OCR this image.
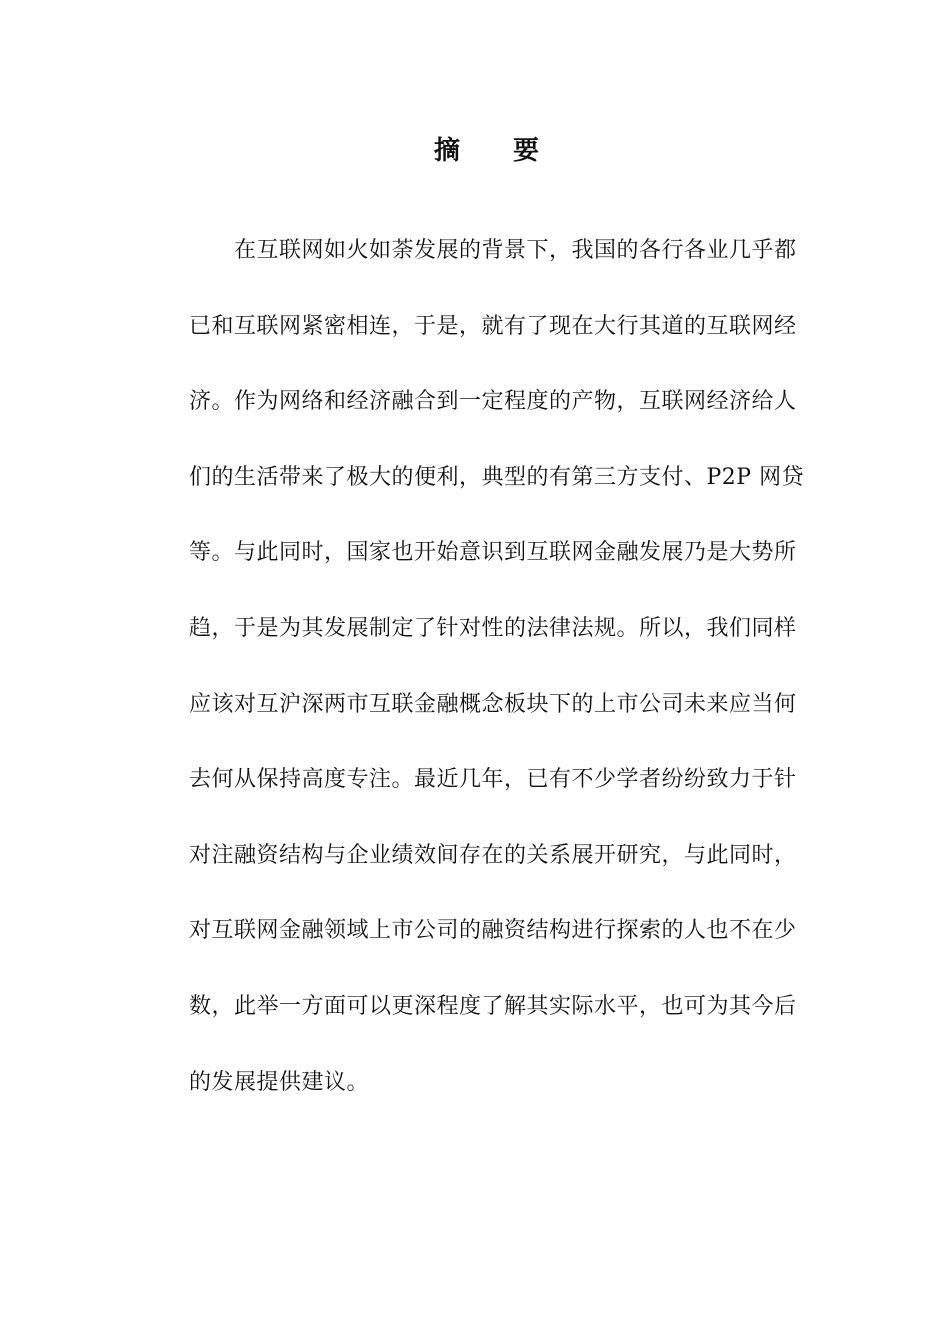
摘 要
在互联网如火如荼发展的背景下，我国的各行各业几乎都
已和互联网紧密相连，于是，就有了现在大行其道的互联网经
济。作为网络和经济融合到一定程度的产物，互联网经济给人
们的生活带来了极大的便利，典型的有第三方支付、P2P 网贷
等。与此同时，国家也开始意识到互联网金融发展乃是大势所
趋，于是为其发展制定了针对性的法律法规。所以，我们同样
应该对互沪深两市互联金融概念板块下的上市公司未来应当何
去何从保持高度专注。最近几年，已有不少学者纷纷致力于针
对注融资结构与企业绩效间存在的关系展开研究，与此同时，
对互联网金融领域上市公司的融资结构进行探索的人也不在少
数，此举一方面可以更深程度了解其实际水平，也可为其今后
的发展提供建议。
